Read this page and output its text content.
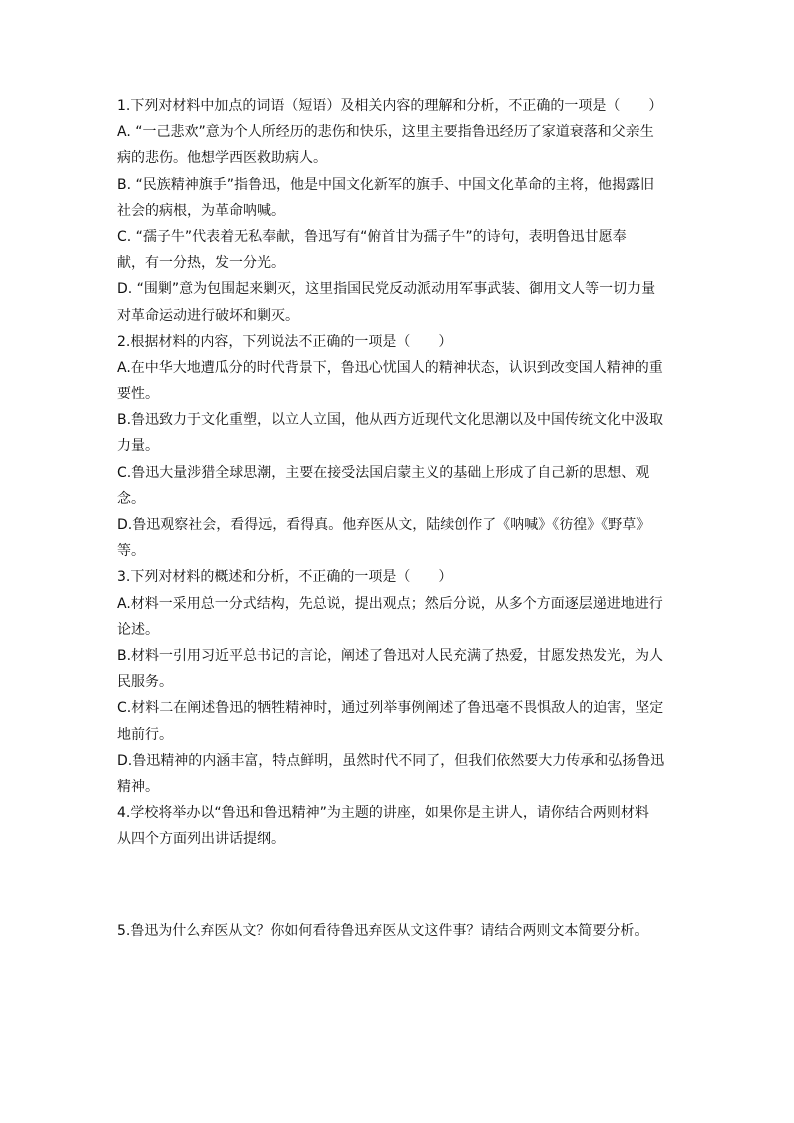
1.下列对材料中加点的词语（短语）及相关内容的理解和分析，不正确的一项是（　　）
A. “一己悲欢”意为个人所经历的悲伤和快乐，这里主要指鲁迅经历了家道衰落和父亲生
病的悲伤。他想学西医救助病人。
B. “民族精神旗手”指鲁迅，他是中国文化新军的旗手、中国文化革命的主将，他揭露旧
社会的病根，为革命呐喊。
C. “孺子牛”代表着无私奉献，鲁迅写有“俯首甘为孺子牛”的诗句，表明鲁迅甘愿奉
献，有一分热，发一分光。
D. “围剿”意为包围起来剿灭，这里指国民党反动派动用军事武装、御用文人等一切力量
对革命运动进行破坏和剿灭。
2.根据材料的内容，下列说法不正确的一项是（　　）
A.在中华大地遭瓜分的时代背景下，鲁迅心忧国人的精神状态，认识到改变国人精神的重
要性。
B.鲁迅致力于文化重塑，以立人立国，他从西方近现代文化思潮以及中国传统文化中汲取
力量。
C.鲁迅大量涉猎全球思潮，主要在接受法国启蒙主义的基础上形成了自己新的思想、观
念。
D.鲁迅观察社会，看得远，看得真。他弃医从文，陆续创作了《呐喊》《彷徨》《野草》
等。
3.下列对材料的概述和分析，不正确的一项是（　　）
A.材料一采用总一分式结构，先总说，提出观点；然后分说，从多个方面逐层递进地进行
论述。
B.材料一引用习近平总书记的言论，阐述了鲁迅对人民充满了热爱，甘愿发热发光，为人
民服务。
C.材料二在阐述鲁迅的牺牲精神时，通过列举事例阐述了鲁迅毫不畏惧敌人的迫害，坚定
地前行。
D.鲁迅精神的内涵丰富，特点鲜明，虽然时代不同了，但我们依然要大力传承和弘扬鲁迅
精神。
4.学校将举办以“鲁迅和鲁迅精神”为主题的讲座，如果你是主讲人，请你结合两则材料
从四个方面列出讲话提纲。
5.鲁迅为什么弃医从文？你如何看待鲁迅弃医从文这件事？请结合两则文本简要分析。
